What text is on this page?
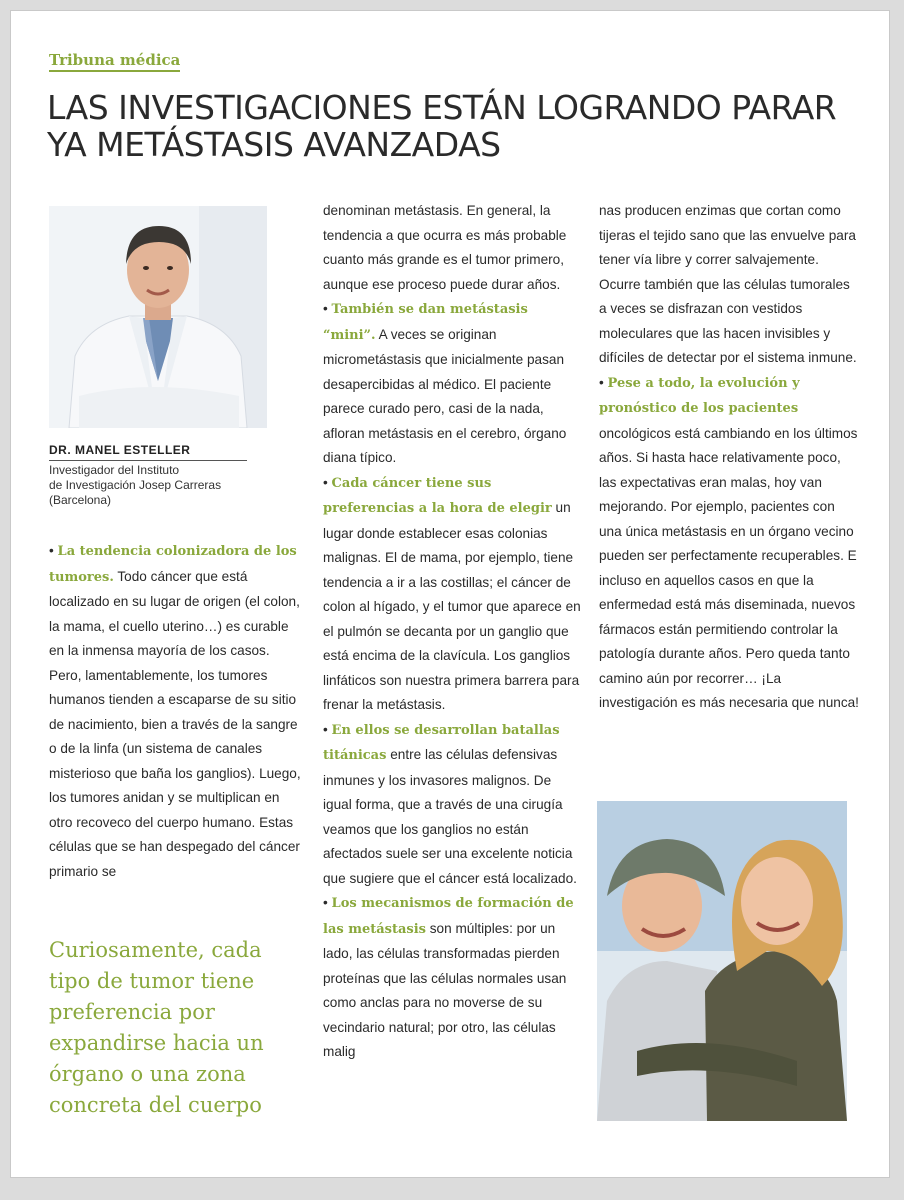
Tribuna médica
LAS INVESTIGACIONES ESTÁN LOGRANDO PARAR YA METÁSTASIS AVANZADAS
DR. MANEL ESTELLER
Investigador del Instituto
de Investigación Josep Carreras
(Barcelona)

• La tendencia colonizadora de los tumores. Todo cáncer que está localizado en su lugar de origen (el colon, la mama, el cuello uterino…) es curable en la inmensa mayoría de los casos. Pero, lamentablemente, los tumores humanos tienden a escaparse de su sitio de nacimiento, bien a través de la sangre o de la linfa (un sistema de canales misterioso que baña los ganglios). Luego, los tumores anidan y se multiplican en otro recoveco del cuerpo humano. Estas células que se han despegado del cáncer primario se

Curiosamente, cada tipo de tumor tiene preferencia por expandirse hacia un órgano o una zona concreta del cuerpo

denominan metástasis. En general, la tendencia a que ocurra es más probable cuanto más grande es el tumor primero, aunque ese proceso puede durar años.

• También se dan metástasis “mini”. A veces se originan micrometástasis que inicialmente pasan desapercibidas al médico. El paciente parece curado pero, casi de la nada, afloran metástasis en el cerebro, órgano diana típico.

• Cada cáncer tiene sus preferencias a la hora de elegir un lugar donde establecer esas colonias malignas. El de mama, por ejemplo, tiene tendencia a ir a las costillas; el cáncer de colon al hígado, y el tumor que aparece en el pulmón se decanta por un ganglio que está encima de la clavícula. Los ganglios linfáticos son nuestra primera barrera para frenar la metástasis.

• En ellos se desarrollan batallas titánicas entre las células defensivas inmunes y los invasores malignos. De igual forma, que a través de una cirugía veamos que los ganglios no están afectados suele ser una excelente noticia que sugiere que el cáncer está localizado.

• Los mecanismos de formación de las metástasis son múltiples: por un lado, las células transformadas pierden proteínas que las células normales usan como anclas para no moverse de su vecindario natural; por otro, las células malig

nas producen enzimas que cortan como tijeras el tejido sano que las envuelve para tener vía libre y correr salvajemente. Ocurre también que las células tumorales a veces se disfrazan con vestidos moleculares que las hacen invisibles y difíciles de detectar por el sistema inmune.

• Pese a todo, la evolución y pronóstico de los pacientes oncológicos está cambiando en los últimos años. Si hasta hace relativamente poco, las expectativas eran malas, hoy van mejorando. Por ejemplo, pacientes con una única metástasis en un órgano vecino pueden ser perfectamente recuperables. E incluso en aquellos casos en que la enfermedad está más diseminada, nuevos fármacos están permitiendo controlar la patología durante años. Pero queda tanto camino aún por recorrer… ¡La investigación es más necesaria que nunca!
